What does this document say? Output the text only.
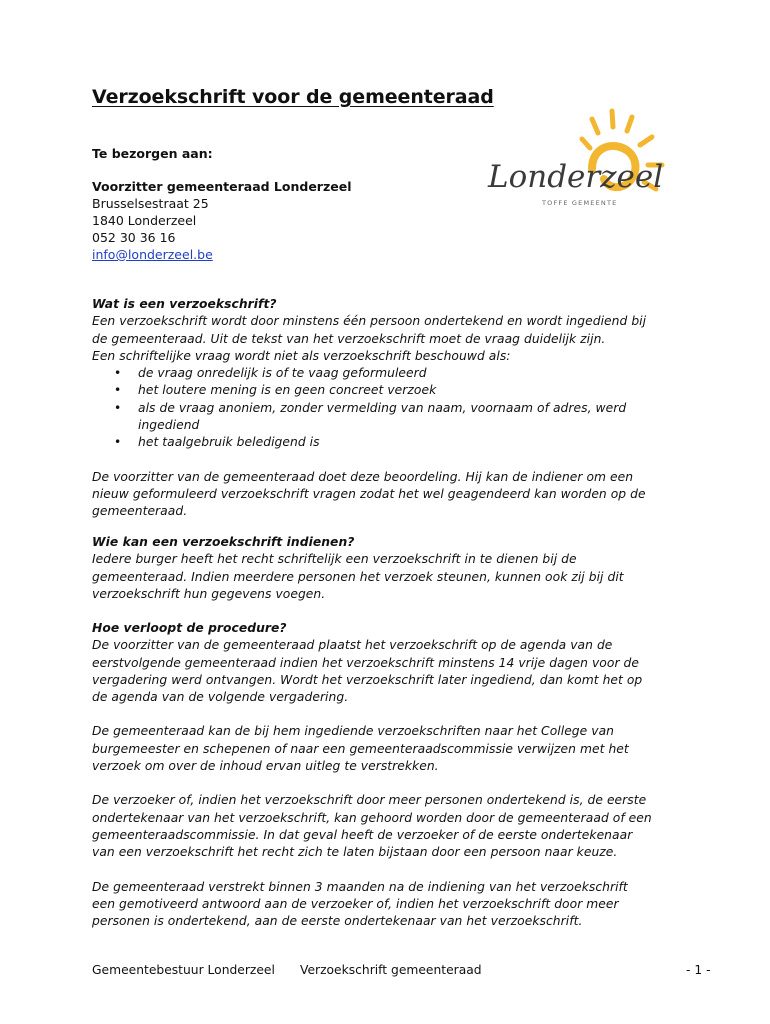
Verzoekschrift voor de gemeenteraad
Te bezorgen aan:
Voorzitter gemeenteraad Londerzeel
Brusselsestraat 25
1840 Londerzeel
052 30 36 16
info@londerzeel.be
Londerzeel
TOFFE GEMEENTE
Wat is een verzoekschrift?
Een verzoekschrift wordt door minstens één persoon ondertekend en wordt ingediend bij
de gemeenteraad. Uit de tekst van het verzoekschrift moet de vraag duidelijk zijn.
Een schriftelijke vraag wordt niet als verzoekschrift beschouwd als:
• de vraag onredelijk is of te vaag geformuleerd
• het loutere mening is en geen concreet verzoek
• als de vraag anoniem, zonder vermelding van naam, voornaam of adres, werd
ingediend
• het taalgebruik beledigend is
De voorzitter van de gemeenteraad doet deze beoordeling. Hij kan de indiener om een
nieuw geformuleerd verzoekschrift vragen zodat het wel geagendeerd kan worden op de
gemeenteraad.
Wie kan een verzoekschrift indienen?
Iedere burger heeft het recht schriftelijk een verzoekschrift in te dienen bij de
gemeenteraad. Indien meerdere personen het verzoek steunen, kunnen ook zij bij dit
verzoekschrift hun gegevens voegen.
Hoe verloopt de procedure?
De voorzitter van de gemeenteraad plaatst het verzoekschrift op de agenda van de
eerstvolgende gemeenteraad indien het verzoekschrift minstens 14 vrije dagen voor de
vergadering werd ontvangen. Wordt het verzoekschrift later ingediend, dan komt het op
de agenda van de volgende vergadering.
De gemeenteraad kan de bij hem ingediende verzoekschriften naar het College van
burgemeester en schepenen of naar een gemeenteraadscommissie verwijzen met het
verzoek om over de inhoud ervan uitleg te verstrekken.
De verzoeker of, indien het verzoekschrift door meer personen ondertekend is, de eerste
ondertekenaar van het verzoekschrift, kan gehoord worden door de gemeenteraad of een
gemeenteraadscommissie. In dat geval heeft de verzoeker of de eerste ondertekenaar
van een verzoekschrift het recht zich te laten bijstaan door een persoon naar keuze.
De gemeenteraad verstrekt binnen 3 maanden na de indiening van het verzoekschrift
een gemotiveerd antwoord aan de verzoeker of, indien het verzoekschrift door meer
personen is ondertekend, aan de eerste ondertekenaar van het verzoekschrift.
Gemeentebestuur Londerzeel Verzoekschrift gemeenteraad	- 1 -
